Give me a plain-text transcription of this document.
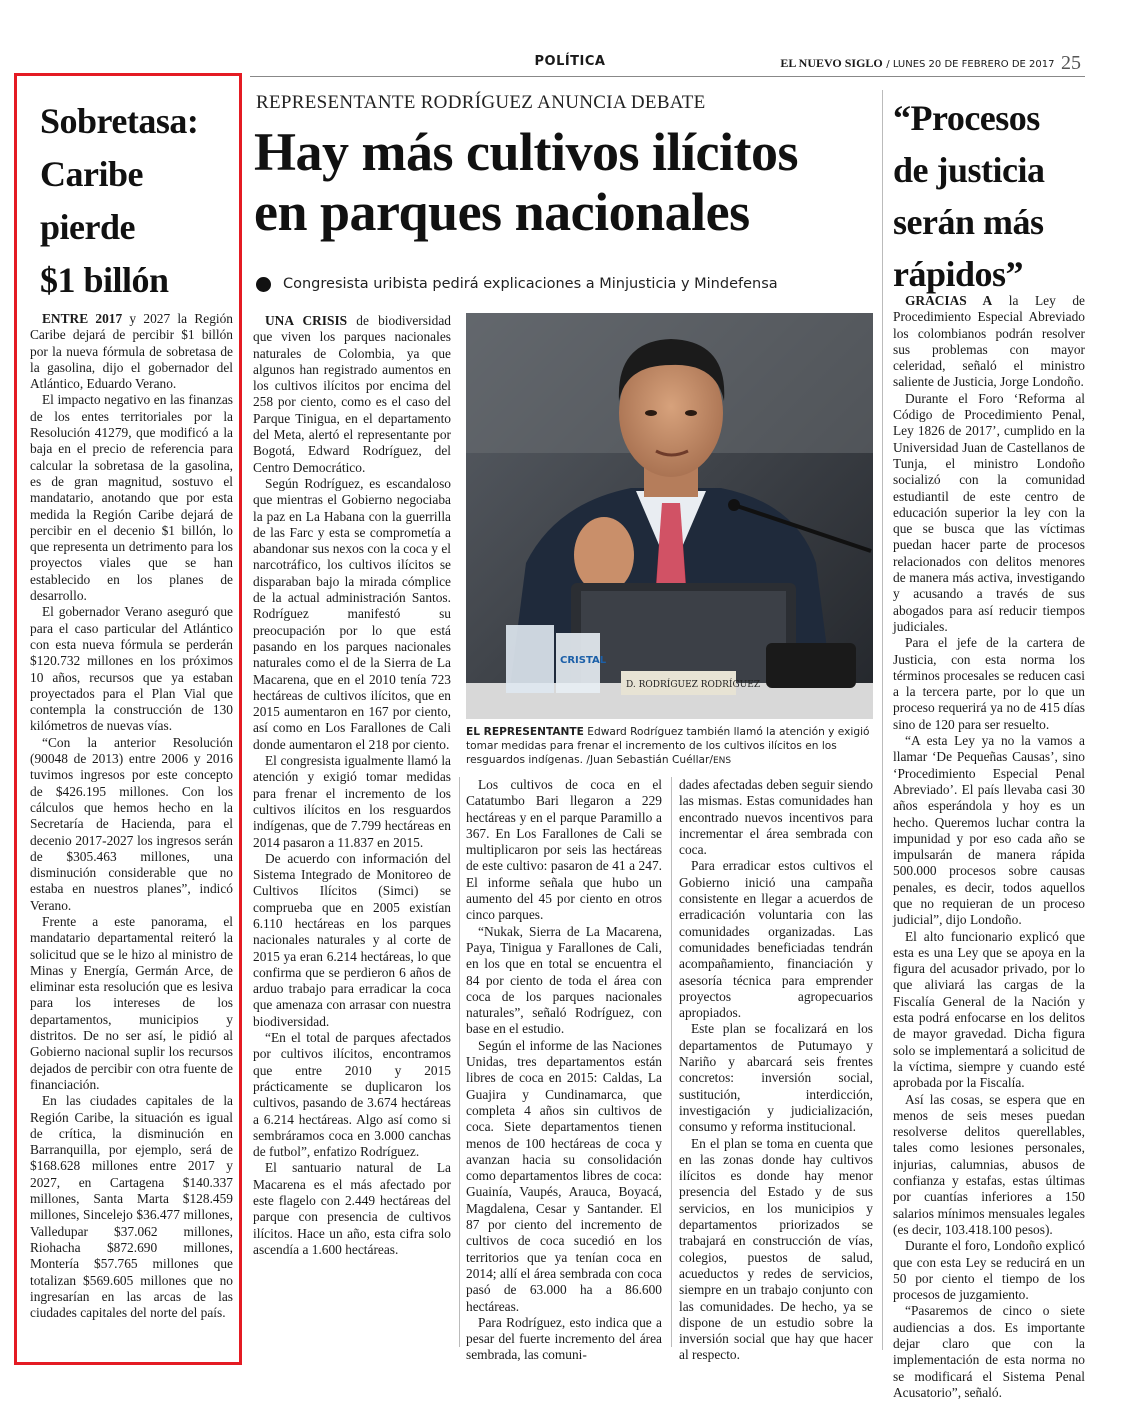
POLÍTICA	EL NUEVO SIGLO / LUNES 20 DE FEBRERO DE 2017 25
Sobretasa:
Caribe
pierde
$1 billón

ENTRE 2017 y 2027 la Región Caribe dejará de percibir $1 billón por la nueva fórmula de sobretasa de la gasolina, dijo el gobernador del Atlántico, Eduardo Verano.

El impacto negativo en las finanzas de los entes territoriales por la Resolución 41279, que modificó a la baja en el precio de referencia para calcular la sobretasa de la gasolina, es de gran magnitud, sostuvo el mandatario, anotando que por esta medida la Región Caribe dejará de percibir en el decenio $1 billón, lo que representa un detrimento para los proyectos viales que se han establecido en los planes de desarrollo.

El gobernador Verano aseguró que para el caso particular del Atlántico con esta nueva fórmula se perderán $120.732 millones en los próximos 10 años, recursos que ya estaban proyectados para el Plan Vial que contempla la construcción de 130 kilómetros de nuevas vías.

“Con la anterior Resolución (90048 de 2013) entre 2006 y 2016 tuvimos ingresos por este concepto de $426.195 millones. Con los cálculos que hemos hecho en la Secretaría de Hacienda, para el decenio 2017-2027 los ingresos serán de $305.463 millones, una disminución considerable que no estaba en nuestros planes”, indicó Verano.

Frente a este panorama, el mandatario departamental reiteró la solicitud que se le hizo al ministro de Minas y Energía, Germán Arce, de eliminar esta resolución que es lesiva para los intereses de los departamentos, municipios y distritos. De no ser así, le pidió al Gobierno nacional suplir los recursos dejados de percibir con otra fuente de financiación.

En las ciudades capitales de la Región Caribe, la situación es igual de crítica, la disminución en Barranquilla, por ejemplo, será de $168.628 millones entre 2017 y 2027, en Cartagena $140.337 millones, Santa Marta $128.459 millones, Sincelejo $36.477 millones, Valledupar $37.062 millones, Riohacha $872.690 millones, Montería $57.765 millones que totalizan $569.605 millones que no ingresarían en las arcas de las ciudades capitales del norte del país.

REPRESENTANTE RODRÍGUEZ ANUNCIA DEBATE
Hay más cultivos ilícitos
en parques nacionales
Congresista uribista pedirá explicaciones a Minjusticia y Mindefensa

UNA CRISIS de biodiversidad que viven los parques nacionales naturales de Colombia, ya que algunos han registrado aumentos en los cultivos ilícitos por encima del 258 por ciento, como es el caso del Parque Tinigua, en el departamento del Meta, alertó el representante por Bogotá, Edward Rodríguez, del Centro Democrático.

Según Rodríguez, es escandaloso que mientras el Gobierno negociaba la paz en La Habana con la guerrilla de las Farc y esta se comprometía a abandonar sus nexos con la coca y el narcotráfico, los cultivos ilícitos se disparaban bajo la mirada cómplice de la actual administración Santos. Rodríguez manifestó su preocupación por lo que está pasando en los parques nacionales naturales como el de la Sierra de La Macarena, que en el 2010 tenía 723 hectáreas de cultivos ilícitos, que en 2015 aumentaron en 167 por ciento, así como en Los Farallones de Cali donde aumentaron el 218 por ciento.

El congresista igualmente llamó la atención y exigió tomar medidas para frenar el incremento de los cultivos ilícitos en los resguardos indígenas, que de 7.799 hectáreas en 2014 pasaron a 11.837 en 2015.

De acuerdo con información del Sistema Integrado de Monitoreo de Cultivos Ilícitos (Simci) se comprueba que en 2005 existían 6.110 hectáreas en los parques nacionales naturales y al corte de 2015 ya eran 6.214 hectáreas, lo que confirma que se perdieron 6 años de arduo trabajo para erradicar la coca que amenaza con arrasar con nuestra biodiversidad.

“En el total de parques afectados por cultivos ilícitos, encontramos que entre 2010 y 2015 prácticamente se duplicaron los cultivos, pasando de 3.674 hectáreas a 6.214 hectáreas. Algo así como si sembráramos coca en 3.000 canchas de futbol”, enfatizo Rodríguez.

El santuario natural de La Macarena es el más afectado por este flagelo con 2.449 hectáreas del parque con presencia de cultivos ilícitos. Hace un año, esta cifra solo ascendía a 1.600 hectáreas.

CRISTAL
D. RODRÍGUEZ RODRÍGUEZ
EL REPRESENTANTE Edward Rodríguez también llamó la atención y exigió tomar medidas para frenar el incremento de los cultivos ilícitos en los resguardos indígenas. /Juan Sebastián Cuéllar/ENS

Los cultivos de coca en el Catatumbo Bari llegaron a 229 hectáreas y en el parque Paramillo a 367. En Los Farallones de Cali se multiplicaron por seis las hectáreas de este cultivo: pasaron de 41 a 247. El informe señala que hubo un aumento del 45 por ciento en otros cinco parques.

“Nukak, Sierra de La Macarena, Paya, Tinigua y Farallones de Cali, en los que en total se encuentra el 84 por ciento de toda el área con coca de los parques nacionales naturales”, señaló Rodríguez, con base en el estudio.

Según el informe de las Naciones Unidas, tres departamentos están libres de coca en 2015: Caldas, La Guajira y Cundinamarca, que completa 4 años sin cultivos de coca. Siete departamentos tienen menos de 100 hectáreas de coca y avanzan hacia su consolidación como departamentos libres de coca: Guainía, Vaupés, Arauca, Boyacá, Magdalena, Cesar y Santander. El 87 por ciento del incremento de cultivos de coca sucedió en los territorios que ya tenían coca en 2014; allí el área sembrada con coca pasó de 63.000 ha a 86.600 hectáreas.

Para Rodríguez, esto indica que a pesar del fuerte incremento del área sembrada, las comuni-

dades afectadas deben seguir siendo las mismas. Estas comunidades han encontrado nuevos incentivos para incrementar el área sembrada con coca.

Para erradicar estos cultivos el Gobierno inició una campaña consistente en llegar a acuerdos de erradicación voluntaria con las comunidades organizadas. Las comunidades beneficiadas tendrán acompañamiento, financiación y asesoría técnica para emprender proyectos agropecuarios apropiados.

Este plan se focalizará en los departamentos de Putumayo y Nariño y abarcará seis frentes concretos: inversión social, sustitución, interdicción, investigación y judicialización, consumo y reforma institucional.

En el plan se toma en cuenta que en las zonas donde hay cultivos ilícitos es donde hay menor presencia del Estado y de sus servicios, en los municipios y departamentos priorizados se trabajará en construcción de vías, colegios, puestos de salud, acueductos y redes de servicios, siempre en un trabajo conjunto con las comunidades. De hecho, ya se dispone de un estudio sobre la inversión social que hay que hacer al respecto.

“Procesos
de justicia
serán más
rápidos”

GRACIAS A la Ley de Procedimiento Especial Abreviado los colombianos podrán resolver sus problemas con mayor celeridad, señaló el ministro saliente de Justicia, Jorge Londoño.

Durante el Foro ‘Reforma al Código de Procedimiento Penal, Ley 1826 de 2017’, cumplido en la Universidad Juan de Castellanos de Tunja, el ministro Londoño socializó con la comunidad estudiantil de este centro de educación superior la ley con la que se busca que las víctimas puedan hacer parte de procesos relacionados con delitos menores de manera más activa, investigando y acusando a través de sus abogados para así reducir tiempos judiciales.

Para el jefe de la cartera de Justicia, con esta norma los términos procesales se reducen casi a la tercera parte, por lo que un proceso requerirá ya no de 415 días sino de 120 para ser resuelto.

“A esta Ley ya no la vamos a llamar ‘De Pequeñas Causas’, sino ‘Procedimiento Especial Penal Abreviado’. El país llevaba casi 30 años esperándola y hoy es un hecho. Queremos luchar contra la impunidad y por eso cada año se impulsarán de manera rápida 500.000 procesos sobre causas penales, es decir, todos aquellos que no requieran de un proceso judicial”, dijo Londoño.

El alto funcionario explicó que esta es una Ley que se apoya en la figura del acusador privado, por lo que aliviará las cargas de la Fiscalía General de la Nación y esta podrá enfocarse en los delitos de mayor gravedad. Dicha figura solo se implementará a solicitud de la víctima, siempre y cuando esté aprobada por la Fiscalía.

Así las cosas, se espera que en menos de seis meses puedan resolverse delitos querellables, tales como lesiones personales, injurias, calumnias, abusos de confianza y estafas, estas últimas por cuantías inferiores a 150 salarios mínimos mensuales legales (es decir, 103.418.100 pesos).

Durante el foro, Londoño explicó que con esta Ley se reducirá en un 50 por ciento el tiempo de los procesos de juzgamiento.

“Pasaremos de cinco o siete audiencias a dos. Es importante dejar claro que con la implementación de esta norma no se modificará el Sistema Penal Acusatorio”, señaló.
